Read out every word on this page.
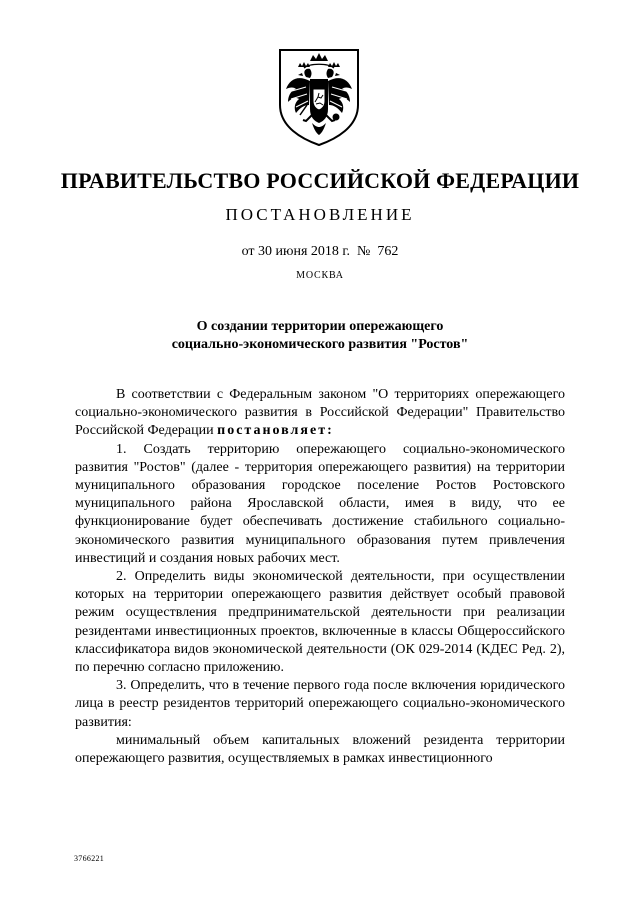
ПРАВИТЕЛЬСТВО РОССИЙСКОЙ ФЕДЕРАЦИИ
ПОСТАНОВЛЕНИЕ
от 30 июня 2018 г.  №  762
МОСКВА
О создании территории опережающего
социально-экономического развития "Ростов"

В соответствии с Федеральным законом "О территориях опережающего социально-экономического развития в Российской Федерации" Правительство Российской Федерации постановляет:

1. Создать территорию опережающего социально-экономического развития "Ростов" (далее - территория опережающего развития) на территории муниципального образования городское поселение Ростов Ростовского муниципального района Ярославской области, имея в виду, что ее функционирование будет обеспечивать достижение стабильного социально-экономического развития муниципального образования путем привлечения инвестиций и создания новых рабочих мест.

2. Определить виды экономической деятельности, при осуществлении которых на территории опережающего развития действует особый правовой режим осуществления предпринимательской деятельности при реализации резидентами инвестиционных проектов, включенные в классы Общероссийского классификатора видов экономической деятельности (ОК 029-2014 (КДЕС Ред. 2), по перечню согласно приложению.

3. Определить, что в течение первого года после включения юридического лица в реестр резидентов территорий опережающего социально-экономического развития:

минимальный объем капитальных вложений резидента территории опережающего развития, осуществляемых в рамках инвестиционного

3766221
